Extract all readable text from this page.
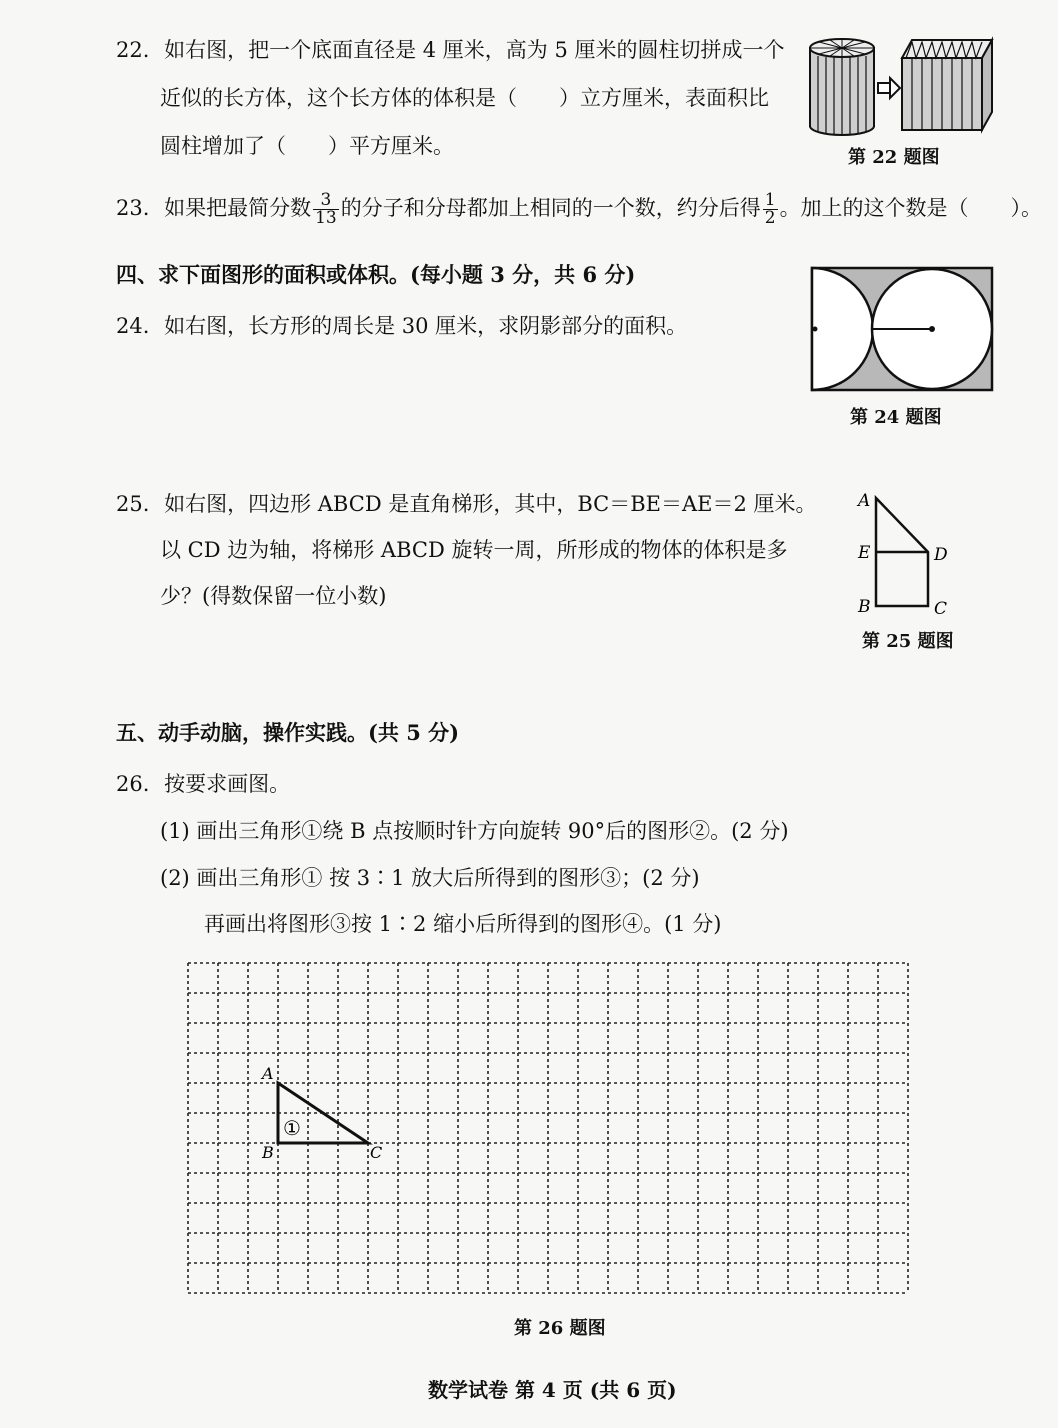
22. 如右图，把一个底面直径是 4 厘米，高为 5 厘米的圆柱切拼成一个
近似的长方体，这个长方体的体积是（　　）立方厘米，表面积比
圆柱增加了（　　）平方厘米。	第 22 题图
23. 如果把最简分数 $\frac{3}{13}$ 的分子和分母都加上相同的一个数，约分后得 $\frac{1}{2}$ 。加上的这个数是（　　）。
四、求下面图形的面积或体积。(每小题 3 分，共 6 分)
24. 如右图，长方形的周长是 30 厘米，求阴影部分的面积。
第 24 题图
25. 如右图，四边形 ABCD 是直角梯形，其中，BC＝BE＝AE＝2 厘米。
以 CD 边为轴，将梯形 ABCD 旋转一周，所形成的物体的体积是多
少？(得数保留一位小数)
A
E	D
B	C
第 25 题图
五、动手动脑，操作实践。(共 5 分)
26. 按要求画图。
(1) 画出三角形①绕 B 点按顺时针方向旋转 90°后的图形②。(2 分)
(2) 画出三角形① 按 3∶1 放大后所得到的图形③；(2 分)
再画出将图形③按 1∶2 缩小后所得到的图形④。(1 分)
A
B	C
①
第 26 题图
数学试卷 第 4 页 (共 6 页)
